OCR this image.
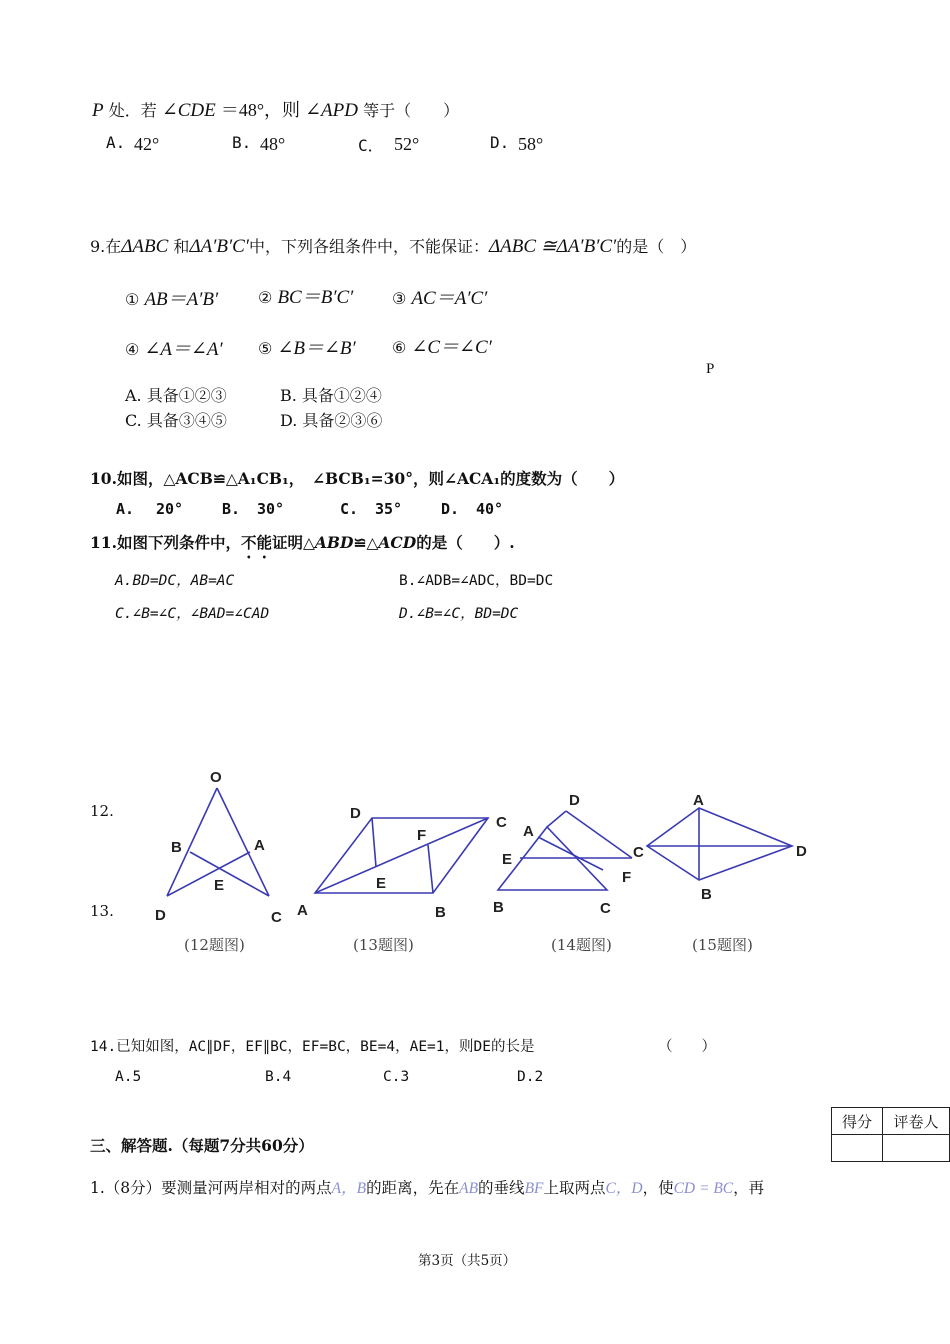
P 处．若 ∠CDE ＝48°，则 ∠APD 等于（　　）
A. 42°	B. 48°	C． 52°	D. 58°
9.在ΔABC 和ΔA′B′C′中，下列各组条件中，不能保证：ΔABC ≅ΔA′B′C′的是（　）
① AB＝A′B′ ② BC＝B′C′ ③ AC＝A′C′
④ ∠A＝∠A′ ⑤ ∠B＝∠B′ ⑥ ∠C＝∠C′
P
A. 具备①②③	B. 具备①②④
C. 具备③④⑤	D. 具备②③⑥
10.如图，△ACB≌△A₁CB₁，　∠BCB₁=30°，则∠ACA₁的度数为（　　）
A. 20°	B. 30°	C. 35°	D. 40°
11.如图下列条件中，不能证明△ABD≌△ACD的是（　　）.
A.BD=DC，AB=AC	B.∠ADB=∠ADC，BD=DC
C.∠B=∠C，∠BAD=∠CAD	D.∠B=∠C，BD=DC
12.
13.
O
B	A
E
D	C
(12题图)
D
C
F
E
A	B
(13题图)
D
A
E	C
F
B	C
(14题图)
A
D
B
(15题图)
14.已知如图，AC∥DF，EF∥BC，EF=BC，BE=4，AE=1，则DE的长是	（　　）
A.5	B.4	C.3	D.2
得分	评卷人

三、解答题.（每题7分共60分）
1.（8分）要测量河两岸相对的两点A，B的距离，先在AB的垂线BF上取两点C，D，使CD = BC，再
第3页（共5页）
